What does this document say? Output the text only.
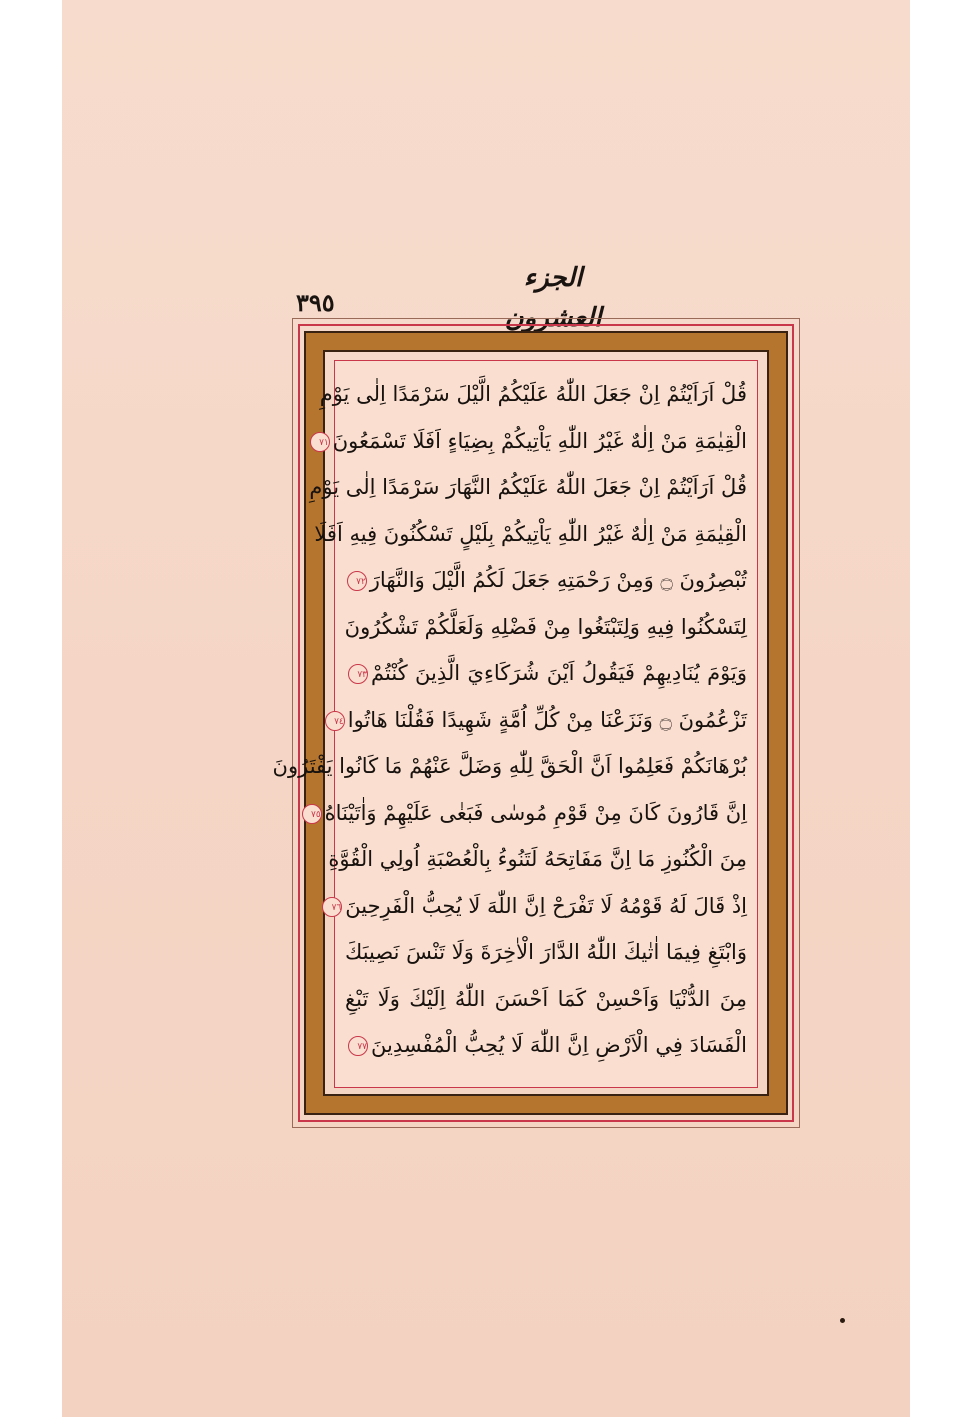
الجزء العشرون
٣٩٥
قُلْ اَرَاَيْتُمْ اِنْ جَعَلَ اللّٰهُ عَلَيْكُمُ الَّيْلَ سَرْمَدًا اِلٰى يَوْمِ
الْقِيٰمَةِ مَنْ اِلٰهٌ غَيْرُ اللّٰهِ يَاْتِيكُمْ بِضِيَاءٍ اَفَلَا تَسْمَعُونَ٧١
قُلْ اَرَاَيْتُمْ اِنْ جَعَلَ اللّٰهُ عَلَيْكُمُ النَّهَارَ سَرْمَدًا اِلٰى يَوْمِ
الْقِيٰمَةِ مَنْ اِلٰهٌ غَيْرُ اللّٰهِ يَاْتِيكُمْ بِلَيْلٍ تَسْكُنُونَ فِيهِ اَفَلَا
تُبْصِرُونَ ۝ وَمِنْ رَحْمَتِهِ جَعَلَ لَكُمُ الَّيْلَ وَالنَّهَارَ٧٢
لِتَسْكُنُوا فِيهِ وَلِتَبْتَغُوا مِنْ فَضْلِهِ وَلَعَلَّكُمْ تَشْكُرُونَ
وَيَوْمَ يُنَادِيهِمْ فَيَقُولُ اَيْنَ شُرَكَاءِيَ الَّذِينَ كُنْتُمْ٧٣
تَزْعُمُونَ ۝ وَنَزَعْنَا مِنْ كُلِّ اُمَّةٍ شَهِيدًا فَقُلْنَا هَاتُوا٧٤
بُرْهَانَكُمْ فَعَلِمُوا اَنَّ الْحَقَّ لِلّٰهِ وَضَلَّ عَنْهُمْ مَا كَانُوا يَفْتَرُونَ
اِنَّ قَارُونَ كَانَ مِنْ قَوْمِ مُوسٰى فَبَغٰى عَلَيْهِمْ وَاٰتَيْنَاهُ٧٥
مِنَ الْكُنُوزِ مَا اِنَّ مَفَاتِحَهُ لَتَنُوءُ بِالْعُصْبَةِ اُولِي الْقُوَّةِ
اِذْ قَالَ لَهُ قَوْمُهُ لَا تَفْرَحْ اِنَّ اللّٰهَ لَا يُحِبُّ الْفَرِحِينَ٧٦
وَابْتَغِ فِيمَا اٰتٰيكَ اللّٰهُ الدَّارَ الْاٰخِرَةَ وَلَا تَنْسَ نَصِيبَكَ
مِنَ الدُّنْيَا وَاَحْسِنْ كَمَا اَحْسَنَ اللّٰهُ اِلَيْكَ وَلَا تَبْغِ
الْفَسَادَ فِي الْاَرْضِ اِنَّ اللّٰهَ لَا يُحِبُّ الْمُفْسِدِينَ٧٧
